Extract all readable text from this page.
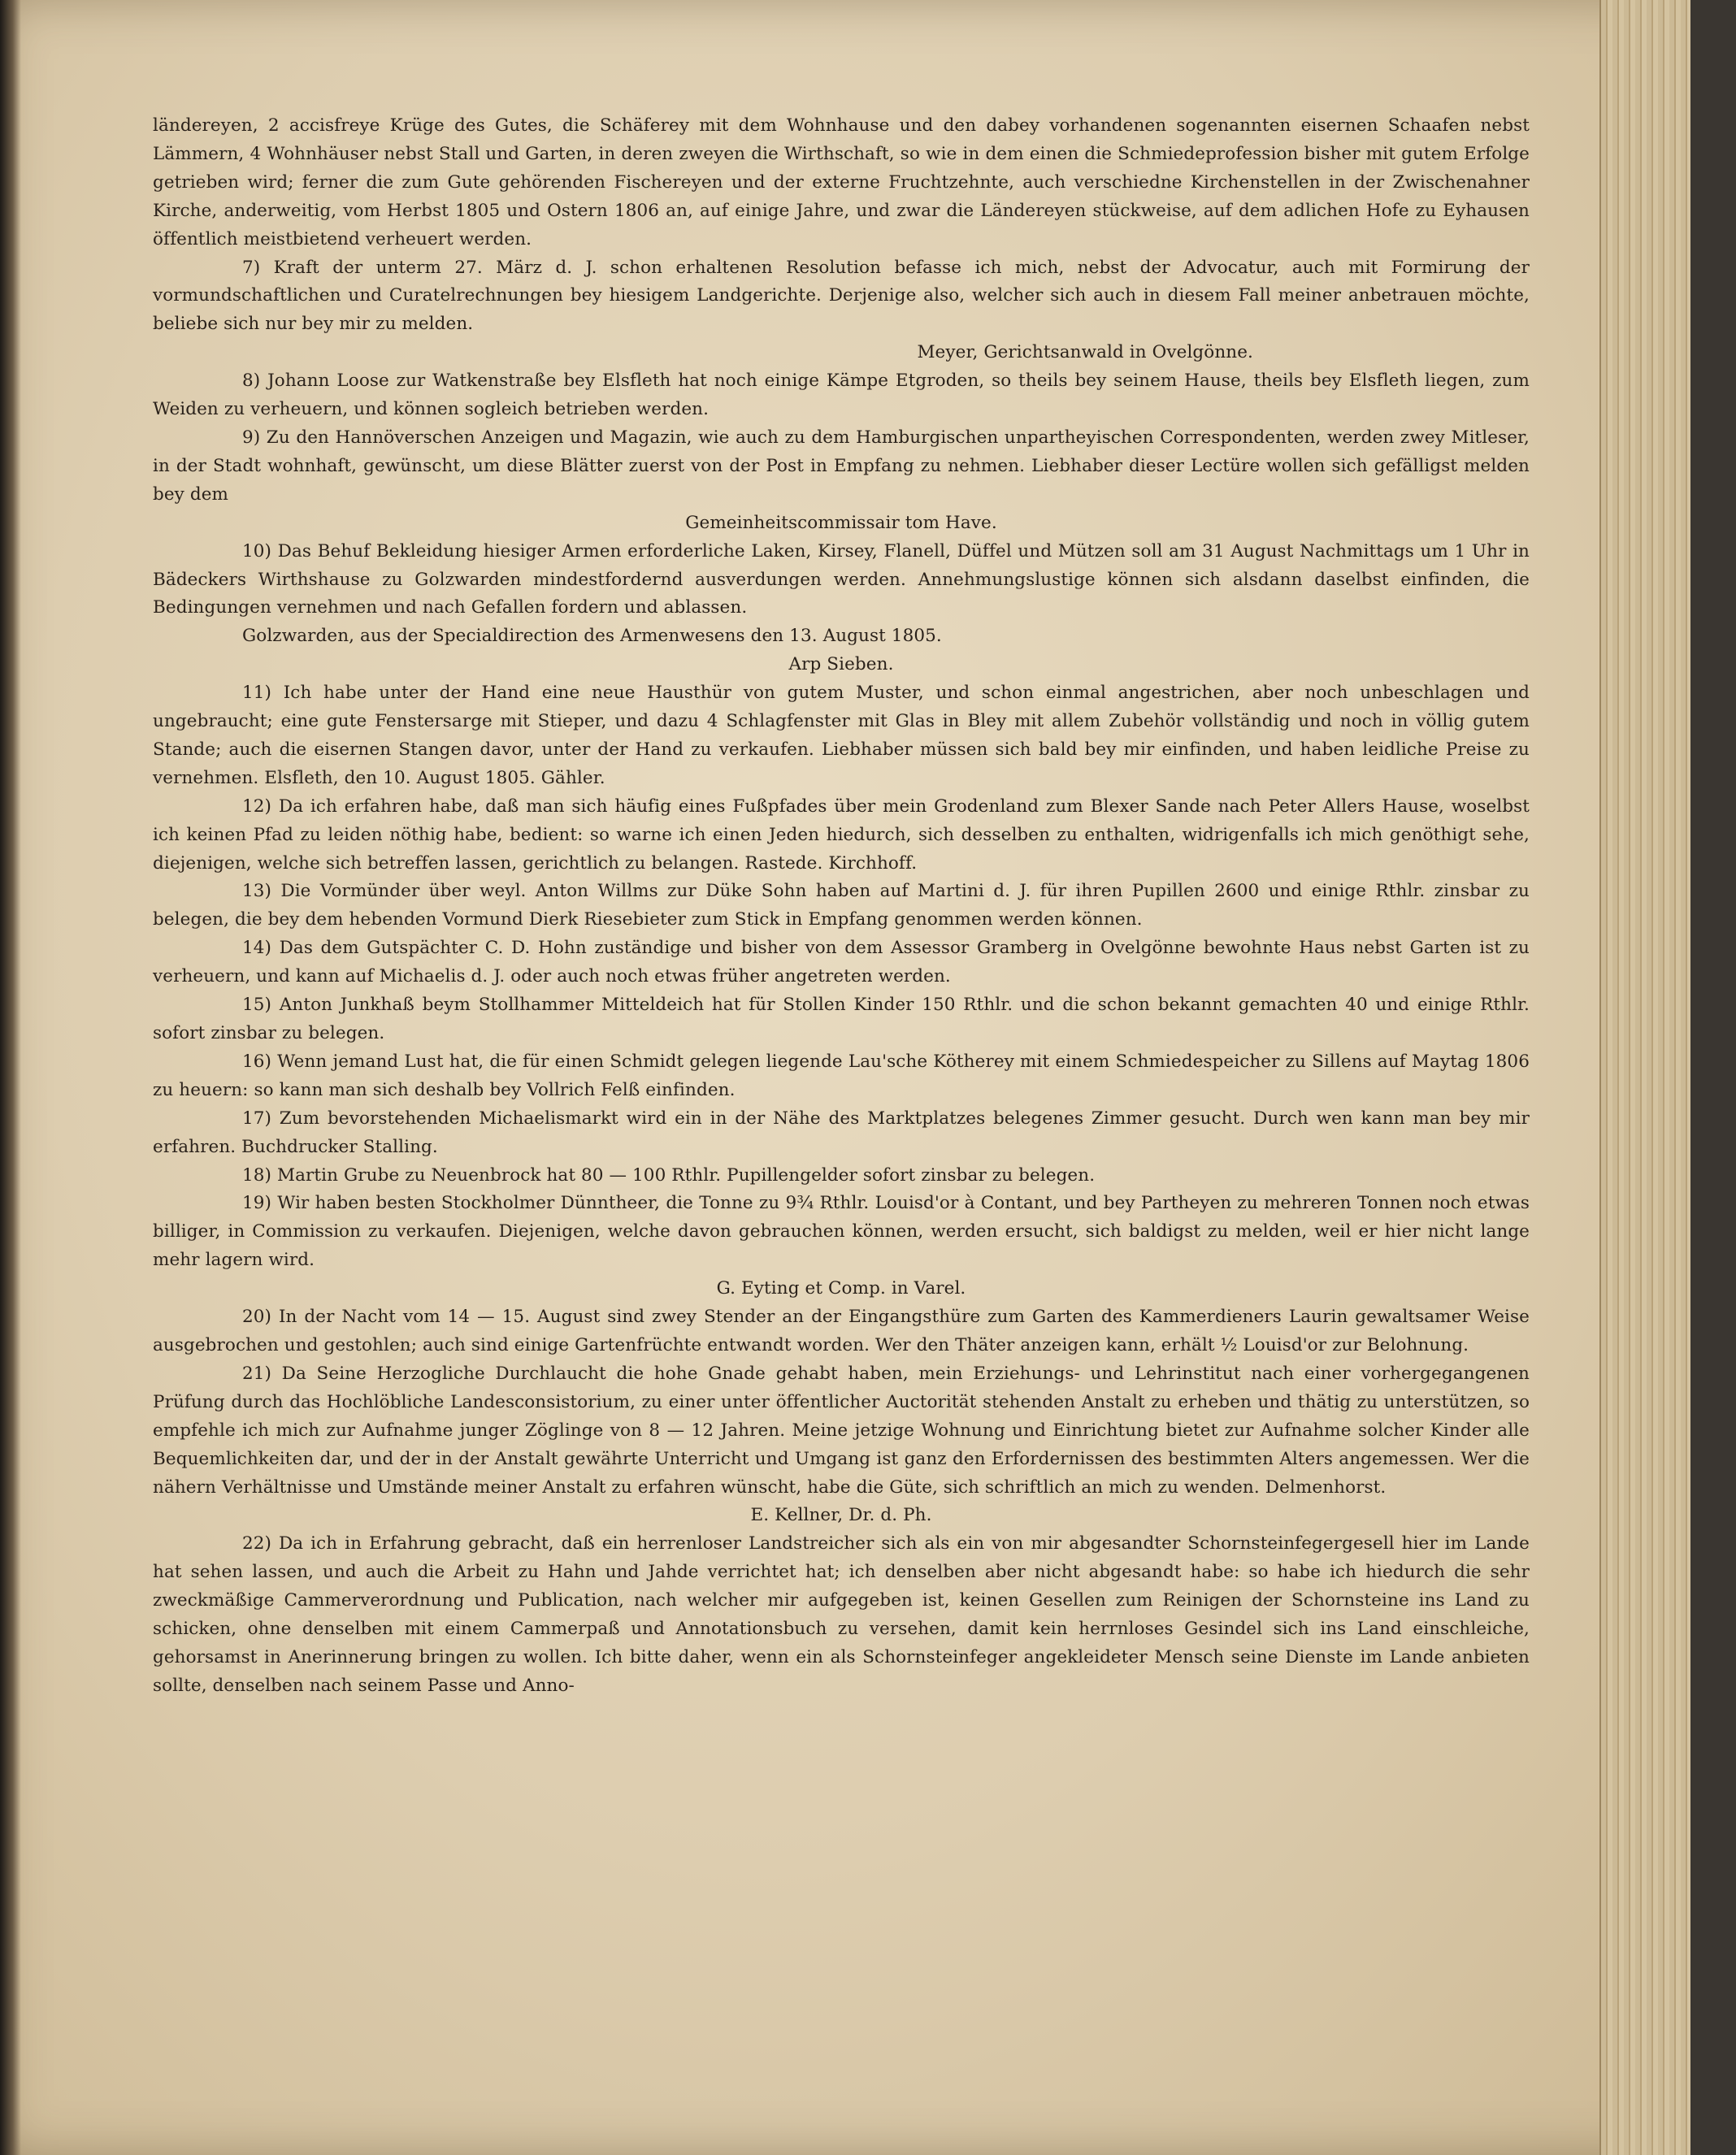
ländereyen, 2 accisfreye Krüge des Gutes, die Schäferey mit dem Wohnhause und den dabey vorhandenen sogenannten eisernen Schaafen nebst Lämmern, 4 Wohnhäuser nebst Stall und Garten, in deren zweyen die Wirthschaft, so wie in dem einen die Schmiedeprofession bisher mit gutem Erfolge getrieben wird; ferner die zum Gute gehörenden Fischereyen und der externe Fruchtzehnte, auch verschiedne Kirchenstellen in der Zwischenahner Kirche, anderweitig, vom Herbst 1805 und Ostern 1806 an, auf einige Jahre, und zwar die Ländereyen stückweise, auf dem adlichen Hofe zu Eyhausen öffentlich meistbietend verheuert werden.

7) Kraft der unterm 27. März d. J. schon erhaltenen Resolution befasse ich mich, nebst der Advocatur, auch mit Formirung der vormundschaftlichen und Curatelrechnungen bey hiesigem Landgerichte. Derjenige also, welcher sich auch in diesem Fall meiner anbetrauen möchte, beliebe sich nur bey mir zu melden.

Meyer, Gerichtsanwald in Ovelgönne.

8) Johann Loose zur Watkenstraße bey Elsfleth hat noch einige Kämpe Etgroden, so theils bey seinem Hause, theils bey Elsfleth liegen, zum Weiden zu verheuern, und können sogleich betrieben werden.

9) Zu den Hannöverschen Anzeigen und Magazin, wie auch zu dem Hamburgischen unpartheyischen Correspondenten, werden zwey Mitleser, in der Stadt wohnhaft, gewünscht, um diese Blätter zuerst von der Post in Empfang zu nehmen. Liebhaber dieser Lectüre wollen sich gefälligst melden bey dem

Gemeinheitscommissair tom Have.

10) Das Behuf Bekleidung hiesiger Armen erforderliche Laken, Kirsey, Flanell, Düffel und Mützen soll am 31 August Nachmittags um 1 Uhr in Bädeckers Wirthshause zu Golzwarden mindestfordernd ausverdungen werden. Annehmungslustige können sich alsdann daselbst einfinden, die Bedingungen vernehmen und nach Gefallen fordern und ablassen.

Golzwarden, aus der Specialdirection des Armenwesens den 13. August 1805.

Arp Sieben.

11) Ich habe unter der Hand eine neue Hausthür von gutem Muster, und schon einmal angestrichen, aber noch unbeschlagen und ungebraucht; eine gute Fenstersarge mit Stieper, und dazu 4 Schlagfenster mit Glas in Bley mit allem Zubehör vollständig und noch in völlig gutem Stande; auch die eisernen Stangen davor, unter der Hand zu verkaufen. Liebhaber müssen sich bald bey mir einfinden, und haben leidliche Preise zu vernehmen. Elsfleth, den 10. August 1805. Gähler.

12) Da ich erfahren habe, daß man sich häufig eines Fußpfades über mein Grodenland zum Blexer Sande nach Peter Allers Hause, woselbst ich keinen Pfad zu leiden nöthig habe, bedient: so warne ich einen Jeden hiedurch, sich desselben zu enthalten, widrigenfalls ich mich genöthigt sehe, diejenigen, welche sich betreffen lassen, gerichtlich zu belangen. Rastede. Kirchhoff.

13) Die Vormünder über weyl. Anton Willms zur Düke Sohn haben auf Martini d. J. für ihren Pupillen 2600 und einige Rthlr. zinsbar zu belegen, die bey dem hebenden Vormund Dierk Riesebieter zum Stick in Empfang genommen werden können.

14) Das dem Gutspächter C. D. Hohn zuständige und bisher von dem Assessor Gramberg in Ovelgönne bewohnte Haus nebst Garten ist zu verheuern, und kann auf Michaelis d. J. oder auch noch etwas früher angetreten werden.

15) Anton Junkhaß beym Stollhammer Mitteldeich hat für Stollen Kinder 150 Rthlr. und die schon bekannt gemachten 40 und einige Rthlr. sofort zinsbar zu belegen.

16) Wenn jemand Lust hat, die für einen Schmidt gelegen liegende Lau'sche Kötherey mit einem Schmiedespeicher zu Sillens auf Maytag 1806 zu heuern: so kann man sich deshalb bey Vollrich Felß einfinden.

17) Zum bevorstehenden Michaelismarkt wird ein in der Nähe des Marktplatzes belegenes Zimmer gesucht. Durch wen kann man bey mir erfahren. Buchdrucker Stalling.

18) Martin Grube zu Neuenbrock hat 80 — 100 Rthlr. Pupillengelder sofort zinsbar zu belegen.

19) Wir haben besten Stockholmer Dünntheer, die Tonne zu 9¾ Rthlr. Louisd'or à Contant, und bey Partheyen zu mehreren Tonnen noch etwas billiger, in Commission zu verkaufen. Diejenigen, welche davon gebrauchen können, werden ersucht, sich baldigst zu melden, weil er hier nicht lange mehr lagern wird.

G. Eyting et Comp. in Varel.

20) In der Nacht vom 14 — 15. August sind zwey Stender an der Eingangsthüre zum Garten des Kammerdieners Laurin gewaltsamer Weise ausgebrochen und gestohlen; auch sind einige Gartenfrüchte entwandt worden. Wer den Thäter anzeigen kann, erhält ½ Louisd'or zur Belohnung.

21) Da Seine Herzogliche Durchlaucht die hohe Gnade gehabt haben, mein Erziehungs- und Lehrinstitut nach einer vorhergegangenen Prüfung durch das Hochlöbliche Landesconsistorium, zu einer unter öffentlicher Auctorität stehenden Anstalt zu erheben und thätig zu unterstützen, so empfehle ich mich zur Aufnahme junger Zöglinge von 8 — 12 Jahren. Meine jetzige Wohnung und Einrichtung bietet zur Aufnahme solcher Kinder alle Bequemlichkeiten dar, und der in der Anstalt gewährte Unterricht und Umgang ist ganz den Erfordernissen des bestimmten Alters angemessen. Wer die nähern Verhältnisse und Umstände meiner Anstalt zu erfahren wünscht, habe die Güte, sich schriftlich an mich zu wenden. Delmenhorst.

E. Kellner, Dr. d. Ph.

22) Da ich in Erfahrung gebracht, daß ein herrenloser Landstreicher sich als ein von mir abgesandter Schornsteinfegergesell hier im Lande hat sehen lassen, und auch die Arbeit zu Hahn und Jahde verrichtet hat; ich denselben aber nicht abgesandt habe: so habe ich hiedurch die sehr zweckmäßige Cammerverordnung und Publication, nach welcher mir aufgegeben ist, keinen Gesellen zum Reinigen der Schornsteine ins Land zu schicken, ohne denselben mit einem Cammerpaß und Annotationsbuch zu versehen, damit kein herrnloses Gesindel sich ins Land einschleiche, gehorsamst in Anerinnerung bringen zu wollen. Ich bitte daher, wenn ein als Schornsteinfeger angekleideter Mensch seine Dienste im Lande anbieten sollte, denselben nach seinem Passe und Anno-
